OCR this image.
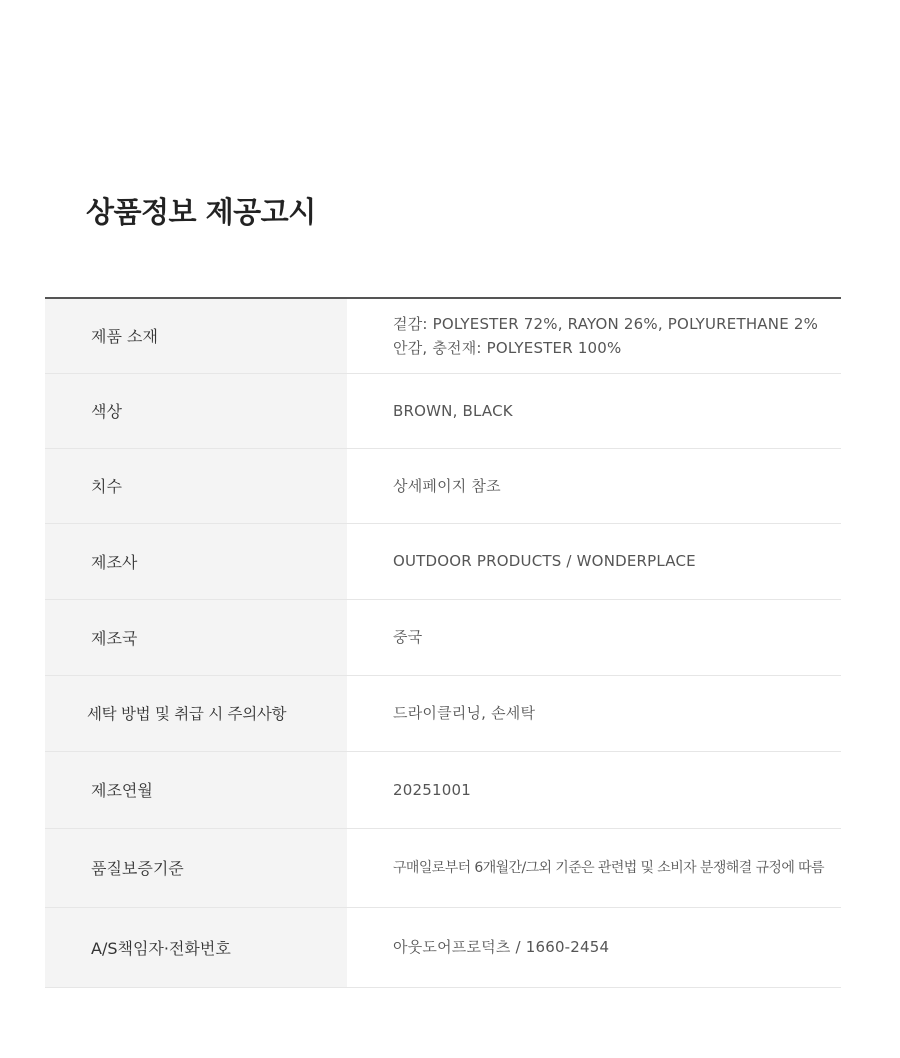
상품정보 제공고시
제품 소재	겉감: POLYESTER 72%, RAYON 26%, POLYURETHANE 2%
안감, 충전재: POLYESTER 100%

색상	BROWN, BLACK
치수	상세페이지 참조
제조사	OUTDOOR PRODUCTS / WONDERPLACE
제조국	중국
세탁 방법 및 취급 시 주의사항	드라이클리닝, 손세탁
제조연월	20251001
품질보증기준	구매일로부터 6개월간/그외 기준은 관련법 및 소비자 분쟁해결 규정에 따름
A/S책임자·전화번호	아웃도어프로덕츠 / 1660-2454
